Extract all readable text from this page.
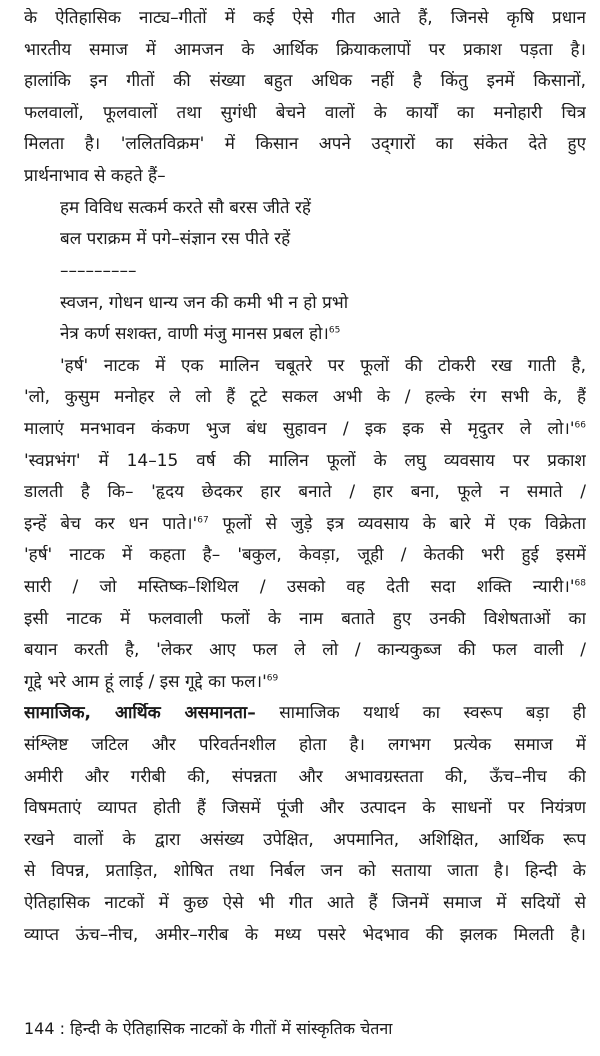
के ऐतिहासिक नाट्य–गीतों में कई ऐसे गीत आते हैं, जिनसे कृषि प्रधान
भारतीय समाज में आमजन के आर्थिक क्रियाकलापों पर प्रकाश पड़ता है।
हालांकि इन गीतों की संख्या बहुत अधिक नहीं है किंतु इनमें किसानों,
फलवालों, फूलवालों तथा सुगंधी बेचने वालों के कार्यों का मनोहारी चित्र
मिलता है। 'ललितविक्रम' में किसान अपने उद्‌गारों का संकेत देते हुए
प्रार्थनाभाव से कहते हैं–
हम विविध सत्कर्म करते सौ बरस जीते रहें
बल पराक्रम में पगे–संज्ञान रस पीते रहें
–––––––––
स्वजन, गोधन धान्य जन की कमी भी न हो प्रभो
नेत्र कर्ण सशक्त, वाणी मंजु मानस प्रबल हो।$^{65}$
'हर्ष' नाटक में एक मालिन चबूतरे पर फूलों की टोकरी रख गाती है,
'लो, कुसुम मनोहर ले लो हैं टूटे सकल अभी के / हल्के रंग सभी के, हैं
मालाएं मनभावन कंकण भुज बंध सुहावन / इक इक से मृदुतर ले $लो।'^{66}$
'स्वप्नभंग' में 14–15 वर्ष की मालिन फूलों के लघु व्यवसाय पर प्रकाश
डालती है कि– 'हृदय छेदकर हार बनाते / हार बना, फूले न समाते /
इन्हें बेच कर धन $पाते।'^{67}$ फूलों से जुड़े इत्र व्यवसाय के बारे में एक विक्रेता
'हर्ष' नाटक में कहता है– 'बकुल, केवड़ा, जूही / केतकी भरी हुई इसमें
सारी / जो मस्तिष्क–शिथिल / उसको वह देती सदा शक्ति $न्यारी।'^{68}$
इसी नाटक में फलवाली फलों के नाम बताते हुए उनकी विशेषताओं का
बयान करती है, 'लेकर आए फल ले लो / कान्यकुब्ज की फल वाली /
गूद्दे भरे आम हूं लाई / इस गूद्दे का $फल।'^{69}$
सामाजिक, आर्थिक असमानता– सामाजिक यथार्थ का स्वरूप बड़ा ही
संश्लिष्ट जटिल और परिवर्तनशील होता है। लगभग प्रत्येक समाज में
अमीरी और गरीबी की, संपन्नता और अभावग्रस्तता की, ऊँच–नीच की
विषमताएं व्यापत होती हैं जिसमें पूंजी और उत्पादन के साधनों पर नियंत्रण
रखने वालों के द्वारा असंख्य उपेक्षित, अपमानित, अशिक्षित, आर्थिक रूप
से विपन्न, प्रताड़ित, शोषित तथा निर्बल जन को सताया जाता है। हिन्दी के
ऐतिहासिक नाटकों में कुछ ऐसे भी गीत आते हैं जिनमें समाज में सदियों से
व्याप्त ऊंच–नीच, अमीर–गरीब के मध्य पसरे भेदभाव की झलक मिलती है।
144 : हिन्दी के ऐतिहासिक नाटकों के गीतों में सांस्कृतिक चेतना
